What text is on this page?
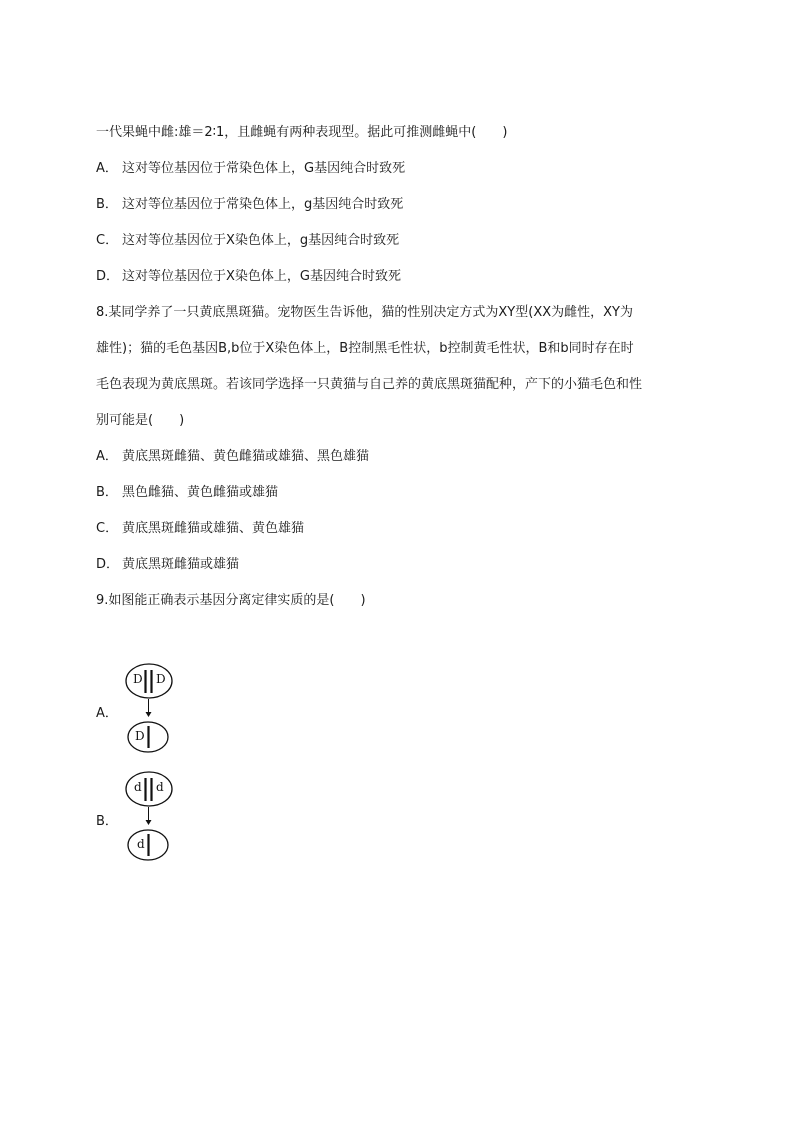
一代果蝇中雌:雄＝2∶1，且雌蝇有两种表现型。据此可推测雌蝇中(　　)
A． 这对等位基因位于常染色体上，G基因纯合时致死
B． 这对等位基因位于常染色体上，g基因纯合时致死
C． 这对等位基因位于X染色体上，g基因纯合时致死
D． 这对等位基因位于X染色体上，G基因纯合时致死
8.某同学养了一只黄底黑斑猫。宠物医生告诉他，猫的性别决定方式为XY型(XX为雌性，XY为
雄性)；猫的毛色基因B,b位于X染色体上，B控制黑毛性状，b控制黄毛性状，B和b同时存在时
毛色表现为黄底黑斑。若该同学选择一只黄猫与自己养的黄底黑斑猫配种，产下的小猫毛色和性
别可能是(　　)
A． 黄底黑斑雌猫、黄色雌猫或雄猫、黑色雄猫
B． 黑色雌猫、黄色雌猫或雄猫
C． 黄底黑斑雌猫或雄猫、黄色雄猫
D． 黄底黑斑雌猫或雄猫
9.如图能正确表示基因分离定律实质的是(　　)
A．
D D
D
B．
d d
d
